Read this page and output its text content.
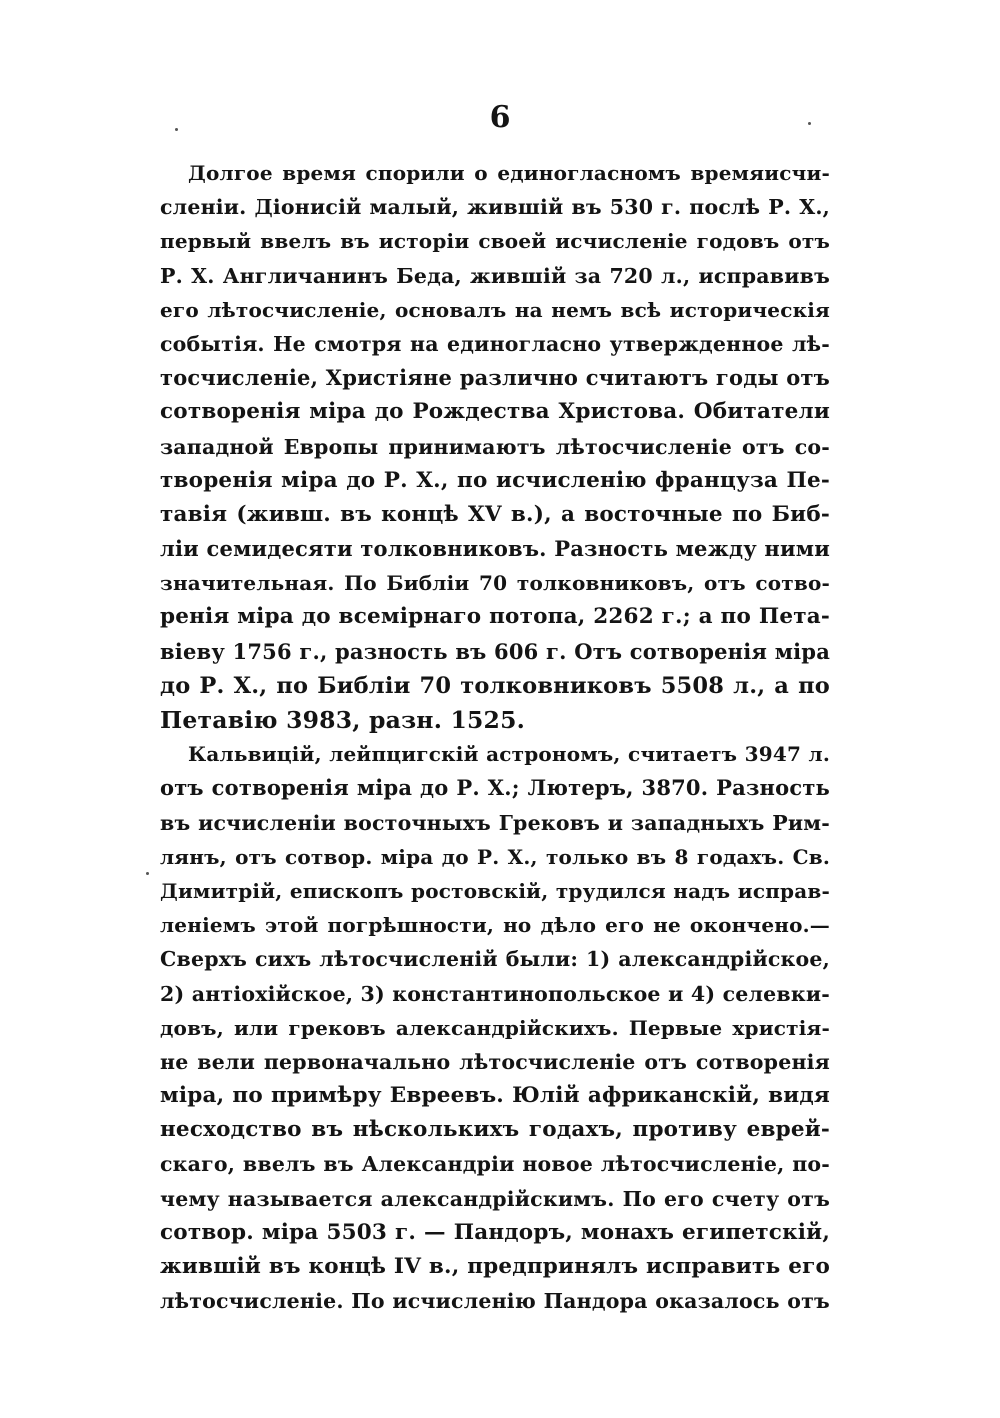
6
Долгое время спорили о единогласномъ времяисчи-
сленіи. Діонисій малый, жившій въ 530 г. послѣ Р. Х.,
первый ввелъ въ исторіи своей исчисленіе годовъ отъ
Р. Х. Англичанинъ Беда, жившій за 720 л., исправивъ
его лѣтосчисленіе, основалъ на немъ всѣ историческія
событія. Не смотря на единогласно утвержденное лѣ-
тосчисленіе, Христіяне различно считаютъ годы отъ
сотворенія міра до Рождества Христова. Обитатели
западной Европы принимаютъ лѣтосчисленіе отъ со-
творенія міра до Р. Х., по исчисленію француза Пе-
тавія (живш. въ концѣ XV в.), а восточные по Биб-
ліи семидесяти толковниковъ. Разность между ними
значительная. По Библіи 70 толковниковъ, отъ сотво-
ренія міра до всемірнаго потопа, 2262 г.; а по Пета-
віеву 1756 г., разность въ 606 г. Отъ сотворенія міра
до Р. Х., по Библіи 70 толковниковъ 5508 л., а по
Петавію 3983, разн. 1525.
Кальвицій, лейпцигскій астрономъ, считаетъ 3947 л.
отъ сотворенія міра до Р. Х.; Лютеръ, 3870. Разность
въ исчисленіи восточныхъ Грековъ и западныхъ Рим-
лянъ, отъ сотвор. міра до Р. Х., только въ 8 годахъ. Св.
Димитрій, епископъ ростовскій, трудился надъ исправ-
леніемъ этой погрѣшности, но дѣло его не окончено.—
Сверхъ сихъ лѣтосчисленій были: 1) александрійское,
2) антіохійское, 3) константинопольское и 4) селевки-
довъ, или грековъ александрійскихъ. Первые христія-
не вели первоначально лѣтосчисленіе отъ сотворенія
міра, по примѣру Евреевъ. Юлій африканскій, видя
несходство въ нѣсколькихъ годахъ, противу еврей-
скаго, ввелъ въ Александріи новое лѣтосчисленіе, по-
чему называется александрійскимъ. По его счету отъ
сотвор. міра 5503 г. — Пандоръ, монахъ египетскій,
жившій въ концѣ IV в., предпринялъ исправить его
лѣтосчисленіе. По исчисленію Пандора оказалось отъ
